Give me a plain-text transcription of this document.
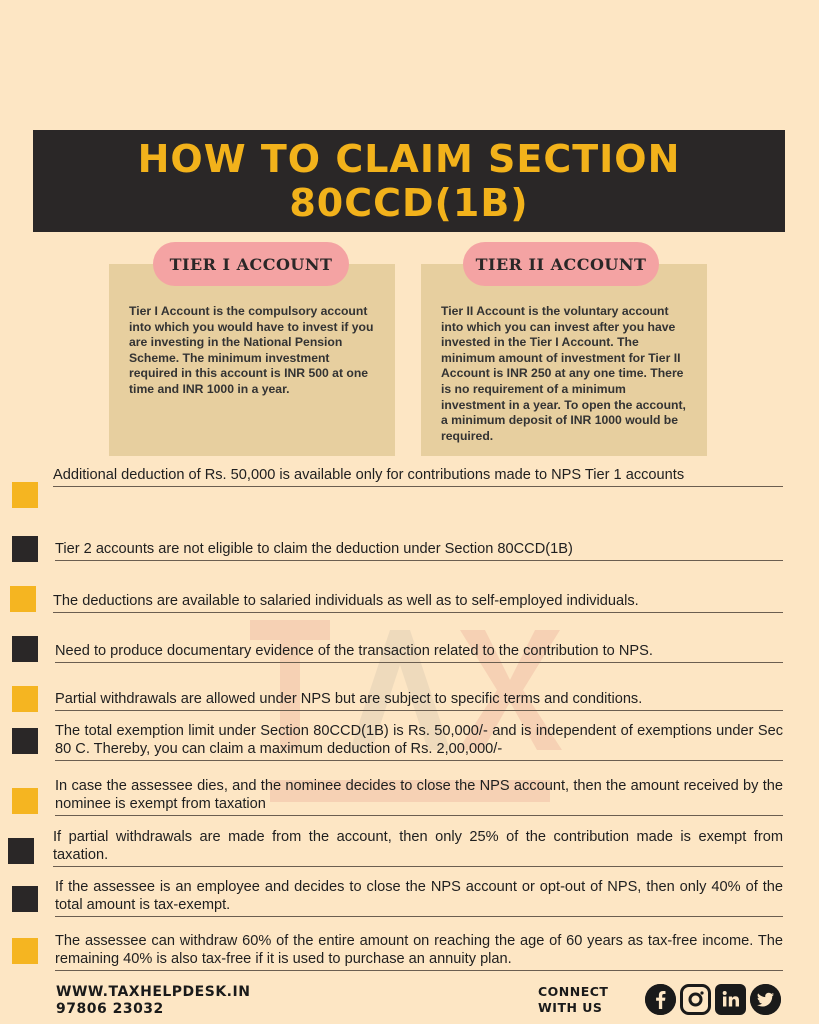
HOW TO CLAIM SECTION 80CCD(1B)
TIER I ACCOUNT
Tier I Account is the compulsory account into which you would have to invest if you are investing in the National Pension Scheme. The minimum investment required in this account is INR 500 at one time and INR 1000 in a year.
TIER II ACCOUNT
Tier II Account is the voluntary account into which you can invest after you have invested in the Tier I Account. The minimum amount of investment for Tier II Account is INR 250 at any one time. There is no requirement of a minimum investment in a year. To open the account, a minimum deposit of INR 1000 would be required.
Additional deduction of Rs. 50,000 is available only for contributions made to NPS Tier 1 accounts
Tier 2 accounts are not eligible to claim the deduction under Section 80CCD(1B)
The deductions are available to salaried individuals as well as to self-employed individuals.
Need to produce documentary evidence of the transaction related to the contribution to NPS.
Partial withdrawals are allowed under NPS but are subject to specific terms and conditions.
The total exemption limit under Section 80CCD(1B) is Rs. 50,000/- and is independent of exemptions under Sec 80 C. Thereby, you can claim a maximum deduction of Rs. 2,00,000/-
In case the assessee dies, and the nominee decides to close the NPS account, then the amount received by the nominee is exempt from taxation
If partial withdrawals are made from the account, then only 25% of the contribution made is exempt from taxation.
If the assessee is an employee and decides to close the NPS account or opt-out of NPS, then only 40% of the total amount is tax-exempt.
The assessee can withdraw 60% of the entire amount on reaching the age of 60 years as tax-free income. The remaining 40% is also tax-free if it is used to purchase an annuity plan.
WWW.TAXHELPDESK.IN
97806 23032
CONNECT
WITH US
